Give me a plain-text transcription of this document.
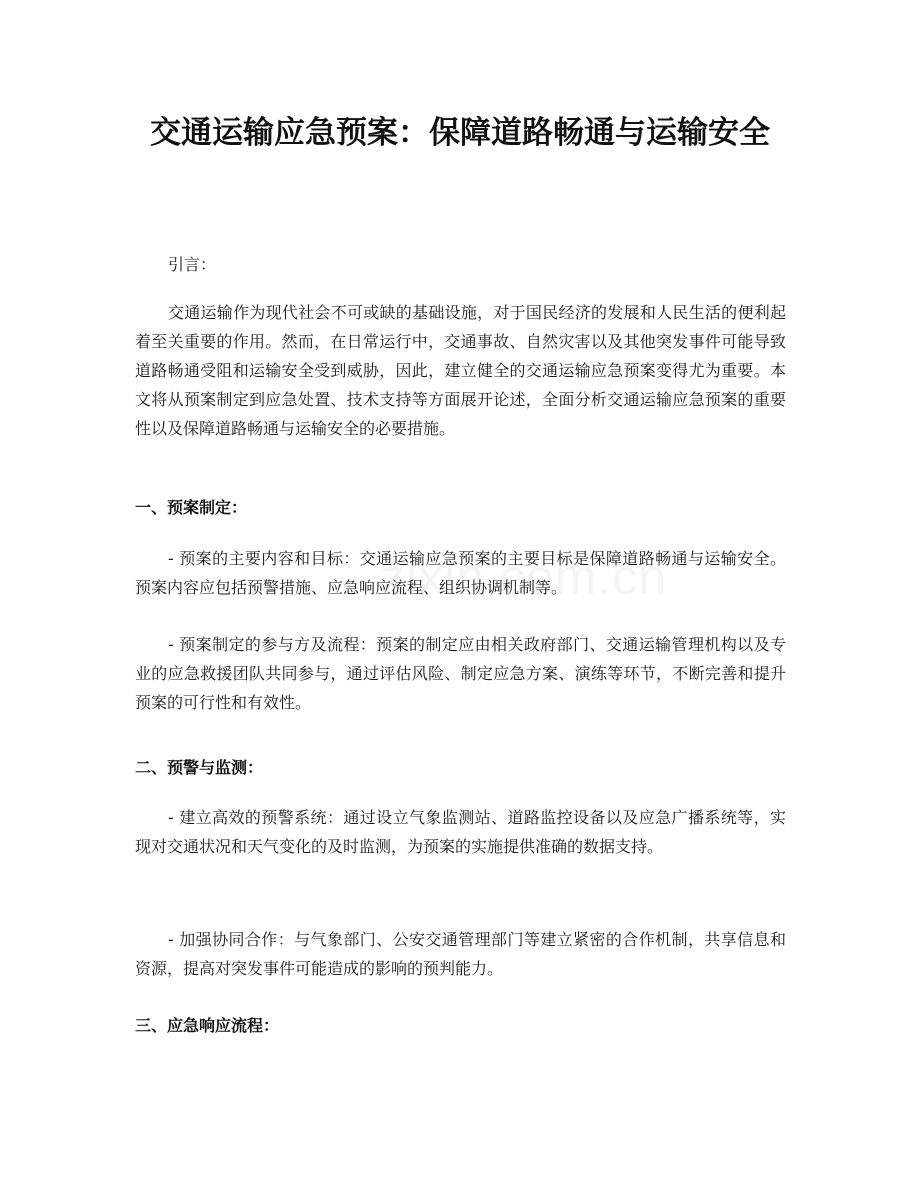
交通运输应急预案：保障道路畅通与运输安全

引言：

交通运输作为现代社会不可或缺的基础设施，对于国民经济的发展和人民生活的便利起着至关重要的作用。然而，在日常运行中，交通事故、自然灾害以及其他突发事件可能导致道路畅通受阻和运输安全受到威胁，因此，建立健全的交通运输应急预案变得尤为重要。本文将从预案制定到应急处置、技术支持等方面展开论述，全面分析交通运输应急预案的重要性以及保障道路畅通与运输安全的必要措施。

一、预案制定：

- 预案的主要内容和目标：交通运输应急预案的主要目标是保障道路畅通与运输安全。预案内容应包括预警措施、应急响应流程、组织协调机制等。

- 预案制定的参与方及流程：预案的制定应由相关政府部门、交通运输管理机构以及专业的应急救援团队共同参与，通过评估风险、制定应急方案、演练等环节，不断完善和提升预案的可行性和有效性。

二、预警与监测：

- 建立高效的预警系统：通过设立气象监测站、道路监控设备以及应急广播系统等，实现对交通状况和天气变化的及时监测，为预案的实施提供准确的数据支持。

- 加强协同合作：与气象部门、公安交通管理部门等建立紧密的合作机制，共享信息和资源，提高对突发事件可能造成的影响的预判能力。

三、应急响应流程：
